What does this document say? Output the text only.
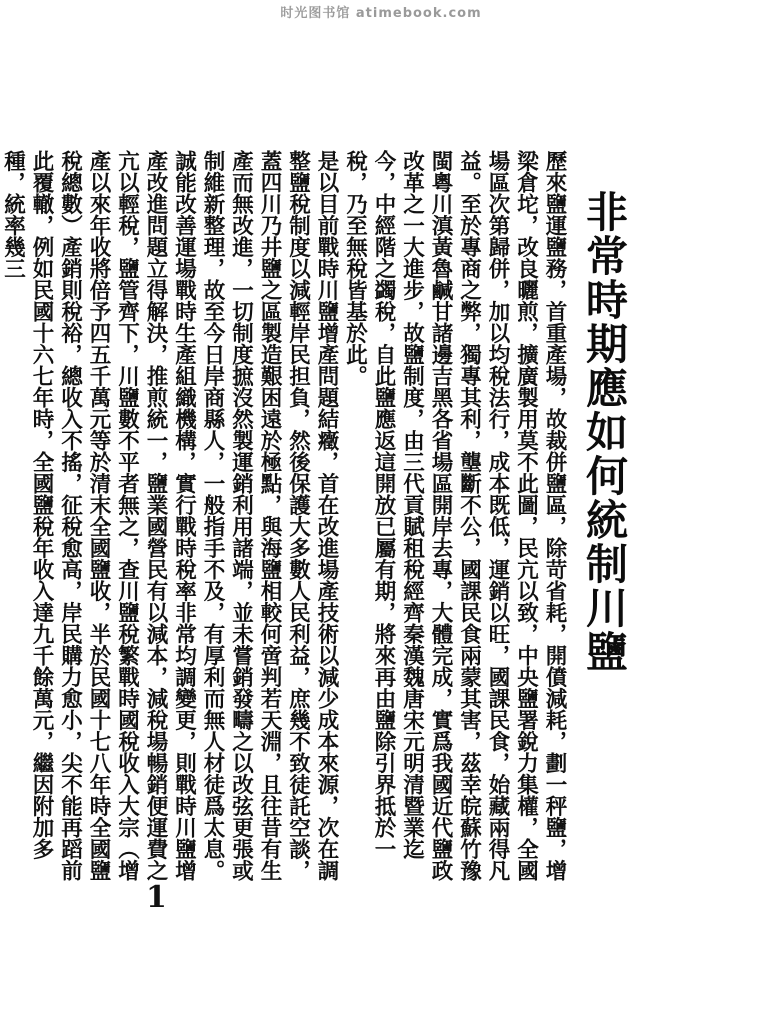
时光图书馆 atimebook.com
非常時期應如何統制川鹽

歷來鹽運鹽務，首重產場，故裁併鹽區，除苛省耗，開僨減耗，劃一秤鹽，增梁倉坨，改良曬煎，擴廣製用莫不此圖，民亢以致，中央鹽署銳力集權，全國場區次第歸併，加以均稅法行，成本既低，運銷以旺，國課民食，始藏兩得凡益。至於專商之弊，獨專其利，壟斷不公，國課民食兩蒙其害，茲幸皖蘇竹豫閩粵川滇黃魯鹹甘諸邊吉黑各省場區開岸去專，大體完成，實爲我國近代鹽政改革之一大進步，故鹽制度，由三代貢賦租稅經齊秦漢魏唐宋元明清暨業迄今，中經階之蠲稅，自此鹽應返這開放已屬有期，將來再由鹽除引界抵於一稅，乃至無稅皆基於此。

是以目前戰時川鹽增產問題結癥，首在改進場產技術以減少成本來源，次在調整鹽稅制度以減輕岸民担負，然後保護大多數人民利益，庶幾不致徒託空談，蓋四川乃井鹽之區製造艱困遠於極點，與海鹽相較何啻判若天淵，且往昔有生產而無改進，一切制度摭沒然製運銷利用諸端，並未嘗銷發疇之以改弦更張或制維新整理，故至今日岸商縣人，一般指手不及，有厚利而無人材徒爲太息。

誠能改善運場戰時生產組織機構，實行戰時稅率非常均調變更，則戰時川鹽增產改進問題立得解決，推煎統一，鹽業國營民有以減本，減稅場暢銷便運費之亢以輕稅，鹽管齊下，川鹽數不平者無之，查川鹽稅繁戰時國稅收入大宗（增產以來年收將倍予四五千萬元等於清末全國鹽收，半於民國十七八年時全國鹽稅總數）產銷則稅裕，總收入不搖，征稅愈高，岸民購力愈小，尖不能再蹈前此覆轍，例如民國十六七年時，全國鹽稅年收入達九千餘萬元，繼因附加多種，統率幾三

1
